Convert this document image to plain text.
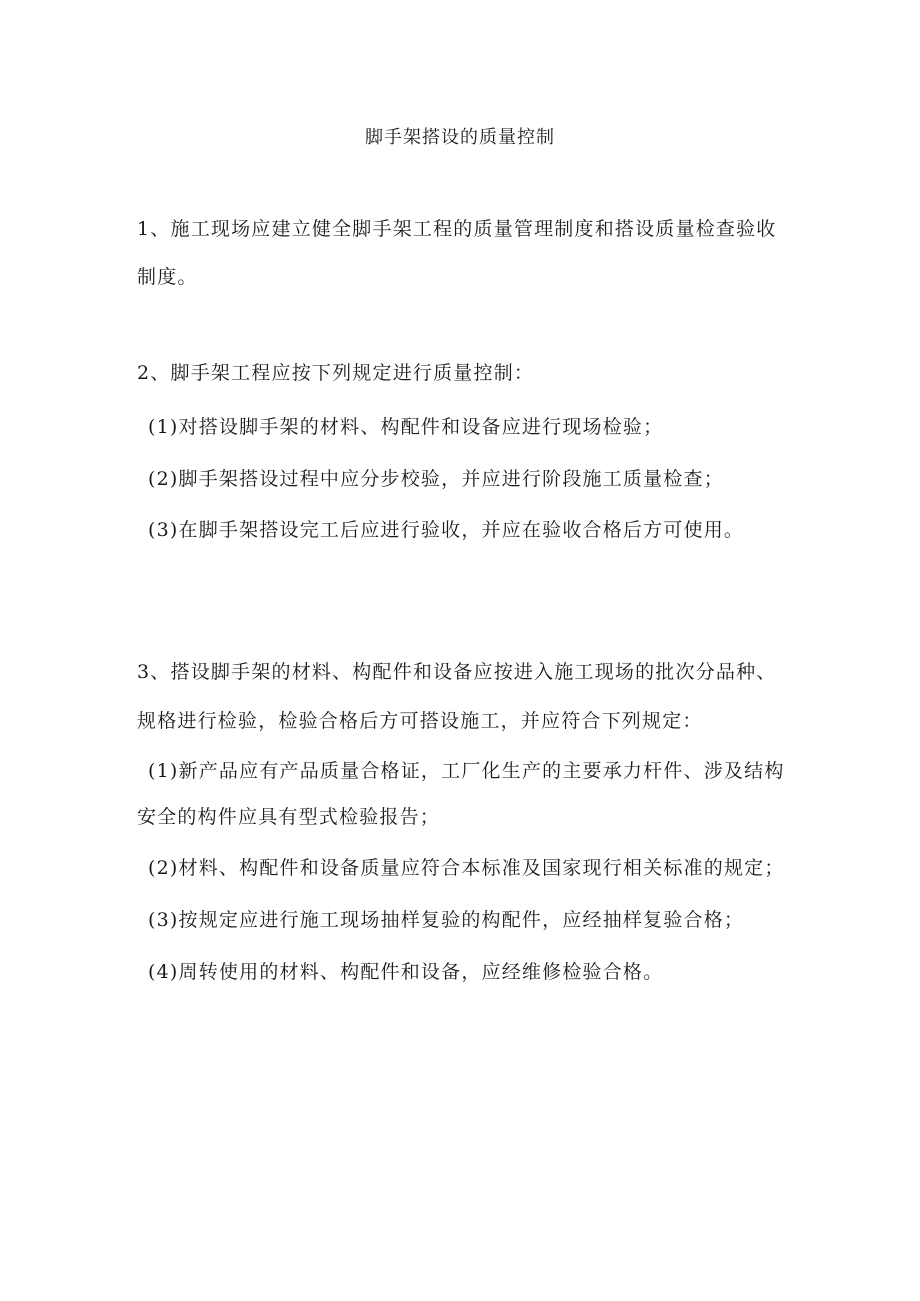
脚手架搭设的质量控制
1、施工现场应建立健全脚手架工程的质量管理制度和搭设质量检查验收
制度。
2、脚手架工程应按下列规定进行质量控制：
(1)对搭设脚手架的材料、构配件和设备应进行现场检验；
(2)脚手架搭设过程中应分步校验，并应进行阶段施工质量检查；
(3)在脚手架搭设完工后应进行验收，并应在验收合格后方可使用。
3、搭设脚手架的材料、构配件和设备应按进入施工现场的批次分品种、
规格进行检验，检验合格后方可搭设施工，并应符合下列规定：
(1)新产品应有产品质量合格证，工厂化生产的主要承力杆件、涉及结构
安全的构件应具有型式检验报告；
(2)材料、构配件和设备质量应符合本标准及国家现行相关标准的规定；
(3)按规定应进行施工现场抽样复验的构配件，应经抽样复验合格；
(4)周转使用的材料、构配件和设备，应经维修检验合格。
